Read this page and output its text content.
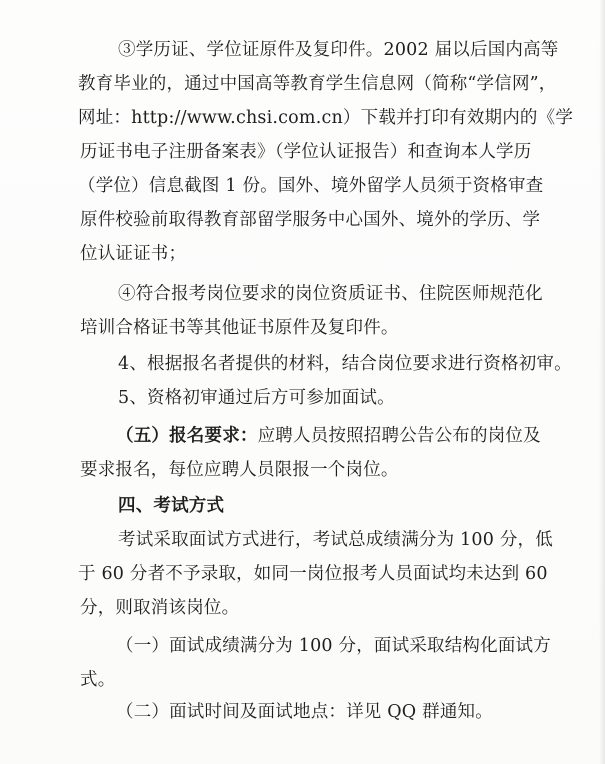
③学历证、学位证原件及复印件。2002 届以后国内高等
教育毕业的，通过中国高等教育学生信息网（简称“学信网”，
网址：http://www.chsi.com.cn）下载并打印有效期内的《学
历证书电子注册备案表》（学位认证报告）和查询本人学历
（学位）信息截图 1 份。国外、境外留学人员须于资格审查
原件校验前取得教育部留学服务中心国外、境外的学历、学
位认证证书；
④符合报考岗位要求的岗位资质证书、住院医师规范化
培训合格证书等其他证书原件及复印件。
4、根据报名者提供的材料，结合岗位要求进行资格初审。
5、资格初审通过后方可参加面试。
（五）报名要求：应聘人员按照招聘公告公布的岗位及
要求报名，每位应聘人员限报一个岗位。
四、考试方式
考试采取面试方式进行，考试总成绩满分为 100 分，低
于 60 分者不予录取，如同一岗位报考人员面试均未达到 60
分，则取消该岗位。
（一）面试成绩满分为 100 分，面试采取结构化面试方
式。
（二）面试时间及面试地点：详见 QQ 群通知。
